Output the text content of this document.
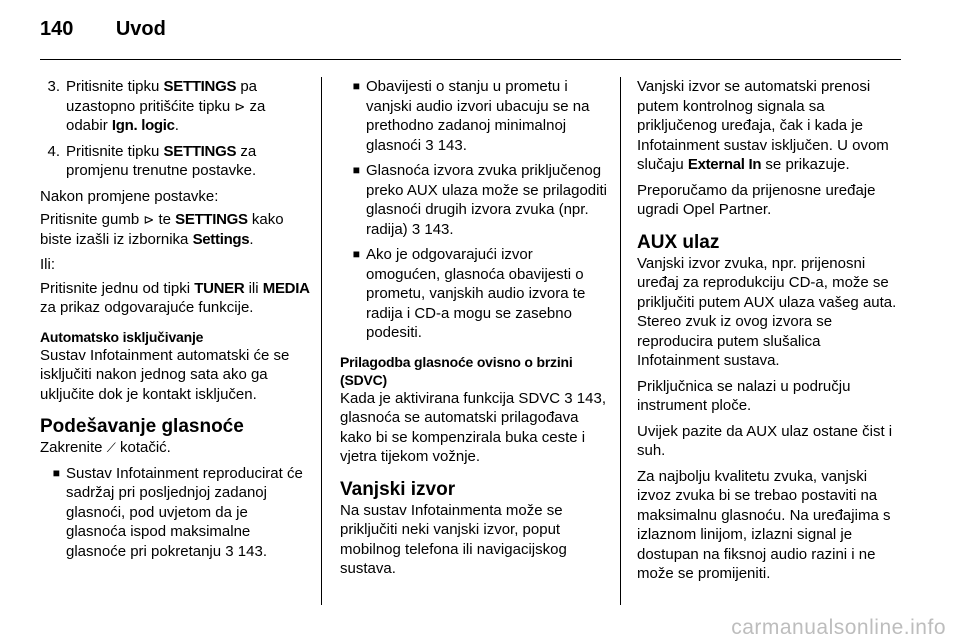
140 Uvod
3. Pritisnite tipku SETTINGS pa uzastopno pritišćite tipku ⊳ za odabir Ign. logic.
4. Pritisnite tipku SETTINGS za promjenu trenutne postavke.

Nakon promjene postavke:

Pritisnite gumb ⊳ te SETTINGS kako biste izašli iz izbornika Settings.

Ili:

Pritisnite jednu od tipki TUNER ili MEDIA za prikaz odgovarajuće funkcije.

Automatsko isključivanje

Sustav Infotainment automatski će se isključiti nakon jednog sata ako ga uključite dok je kontakt isključen.

Podešavanje glasnoće

Zakrenite ⟋ kotačić.

■ Sustav Infotainment reproducirat će sadržaj pri posljednjoj zadanoj glasnoći, pod uvjetom da je glasnoća ispod maksimalne glasnoće pri pokretanju 3 143.
■ Obavijesti o stanju u prometu i vanjski audio izvori ubacuju se na prethodno zadanoj minimalnoj glasnoći 3 143.
■ Glasnoća izvora zvuka priključenog preko AUX ulaza može se prilagoditi glasnoći drugih izvora zvuka (npr. radija) 3 143.
■ Ako je odgovarajući izvor omogućen, glasnoća obavijesti o prometu, vanjskih audio izvora te radija i CD-a mogu se zasebno podesiti.
Prilagodba glasnoće ovisno o brzini (SDVC)

Kada je aktivirana funkcija SDVC 3 143, glasnoća se automatski prilagođava kako bi se kompenzirala buka ceste i vjetra tijekom vožnje.

Vanjski izvor

Na sustav Infotainmenta može se priključiti neki vanjski izvor, poput mobilnog telefona ili navigacijskog sustava.

Vanjski izvor se automatski prenosi putem kontrolnog signala sa priključenog uređaja, čak i kada je Infotainment sustav isključen. U ovom slučaju External In se prikazuje.

Preporučamo da prijenosne uređaje ugradi Opel Partner.

AUX ulaz

Vanjski izvor zvuka, npr. prijenosni uređaj za reprodukciju CD-a, može se priključiti putem AUX ulaza vašeg auta. Stereo zvuk iz ovog izvora se reproducira putem slušalica Infotainment sustava.

Priključnica se nalazi u području instrument ploče.

Uvijek pazite da AUX ulaz ostane čist i suh.

Za najbolju kvalitetu zvuka, vanjski izvoz zvuka bi se trebao postaviti na maksimalnu glasnoću. Na uređajima s izlaznom linijom, izlazni signal je dostupan na fiksnoj audio razini i ne može se promijeniti.

carmanualsonline.info
